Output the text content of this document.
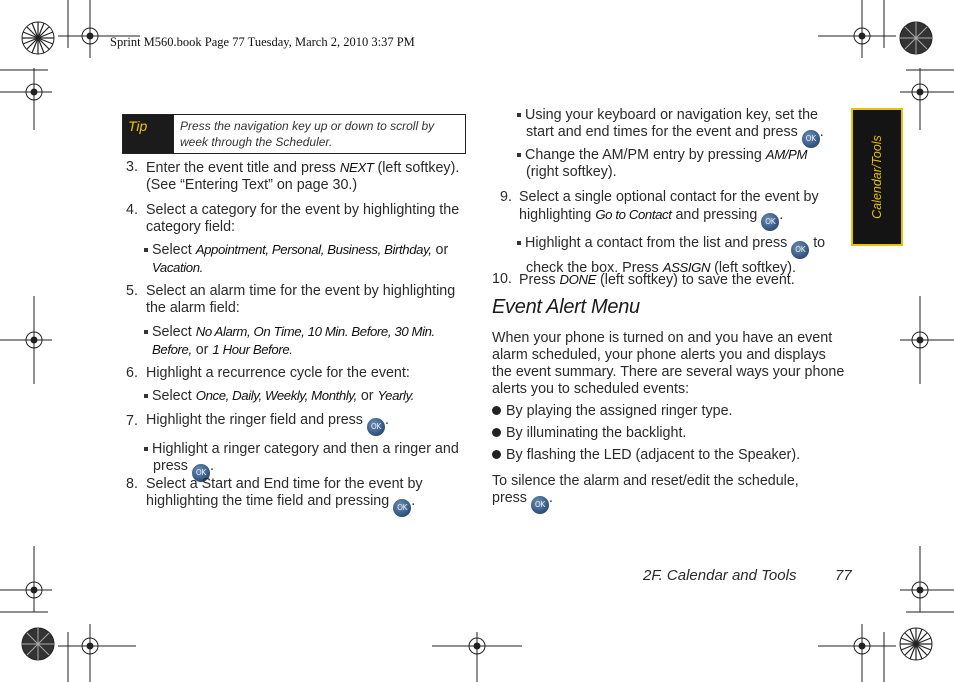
Sprint M560.book Page 77 Tuesday, March 2, 2010 3:37 PM
Calendar/Tools
Tip	Press the navigation key up or down to scroll by week through the Scheduler.
3. Enter the event title and press NEXT (left softkey).
(See “Entering Text” on page 30.)
4. Select a category for the event by highlighting the
category field:
Select Appointment, Personal, Business, Birthday, or
Vacation.
5. Select an alarm time for the event by highlighting
the alarm field:
Select No Alarm, On Time, 10 Min. Before, 30 Min.
Before, or 1 Hour Before.
6. Highlight a recurrence cycle for the event:
Select Once, Daily, Weekly, Monthly, or Yearly.
7. Highlight the ringer field and press OK .
Highlight a ringer category and then a ringer and
press OK .
8. Select a Start and End time for the event by
highlighting the time field and pressing OK .
Using your keyboard or navigation key, set the
start and end times for the event and press OK .
Change the AM/PM entry by pressing AM/PM
(right softkey).
9. Select a single optional contact for the event by
highlighting Go to Contact and pressing OK .
Highlight a contact from the list and press OK to
check the box. Press ASSIGN (left softkey).
10. Press DONE (left softkey) to save the event.
Event Alert Menu
When your phone is turned on and you have an event
alarm scheduled, your phone alerts you and displays
the event summary. There are several ways your phone
alerts you to scheduled events:
By playing the assigned ringer type.
By illuminating the backlight.
By flashing the LED (adjacent to the Speaker).
To silence the alarm and reset/edit the schedule,
press OK .
2F. Calendar and Tools	77
